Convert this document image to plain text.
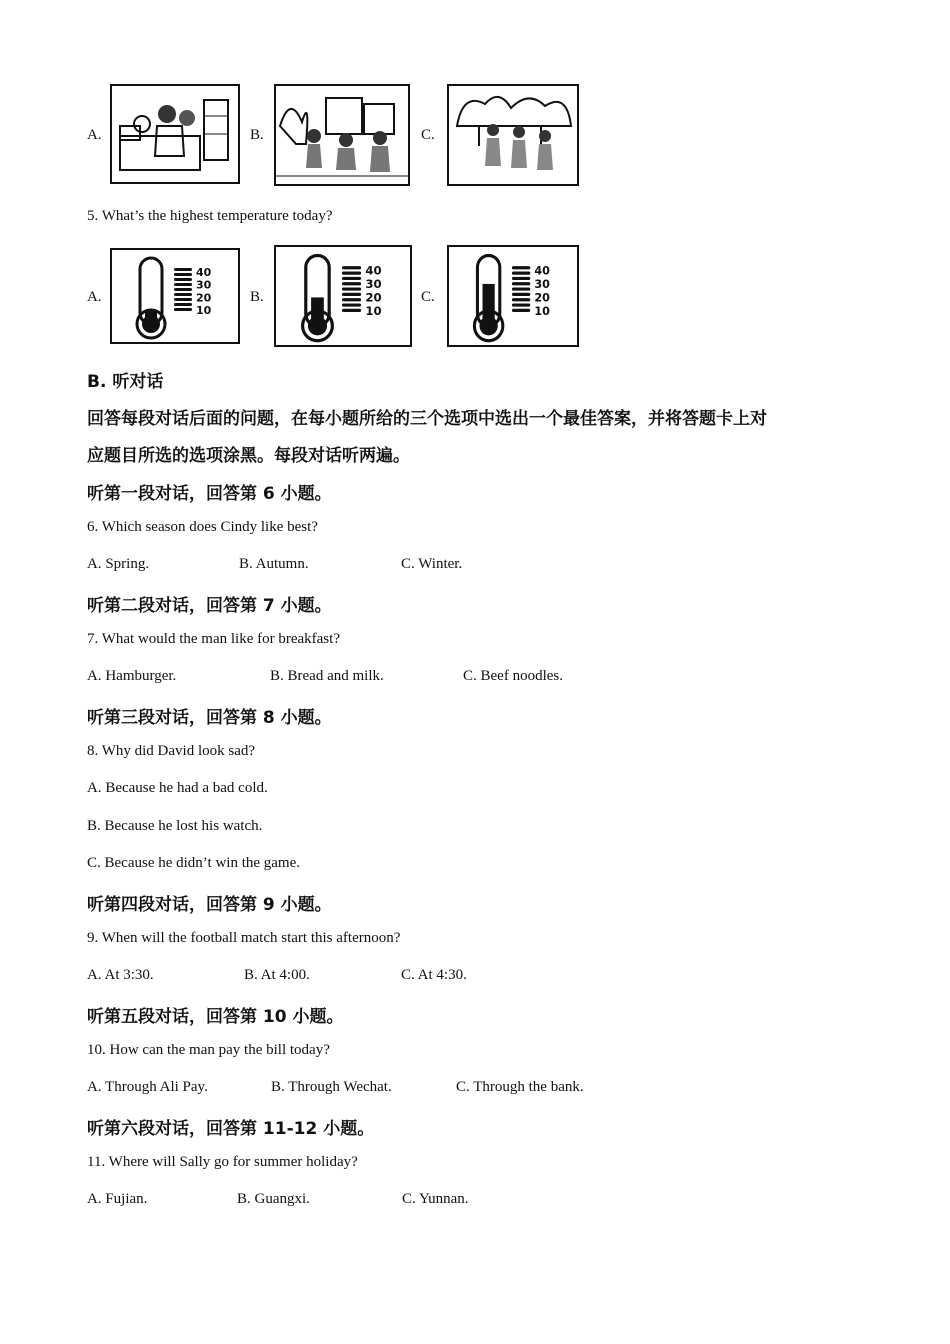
A.	B.	C.
5. What’s the highest temperature today?
A.	B.	C.
40
30
20
10
40
30
20
10
40
30
20
10
B. 听对话
回答每段对话后面的问题，在每小题所给的三个选项中选出一个最佳答案，并将答题卡上对
应题目所选的选项涂黑。每段对话听两遍。
听第一段对话，回答第 6 小题。
6. Which season does Cindy like best?
A. Spring.	B. Autumn.	C. Winter.
听第二段对话，回答第 7 小题。
7. What would the man like for breakfast?
A. Hamburger.	B. Bread and milk.	C. Beef noodles.
听第三段对话，回答第 8 小题。
8. Why did David look sad?
A. Because he had a bad cold.
B. Because he lost his watch.
C. Because he didn’t win the game.
听第四段对话，回答第 9 小题。
9. When will the football match start this afternoon?
A. At 3:30.	B. At 4:00.	C. At 4:30.
听第五段对话，回答第 10 小题。
10. How can the man pay the bill today?
A. Through Ali Pay.	B. Through Wechat.	C. Through the bank.
听第六段对话，回答第 11-12 小题。
11. Where will Sally go for summer holiday?
A. Fujian.	B. Guangxi.	C. Yunnan.
